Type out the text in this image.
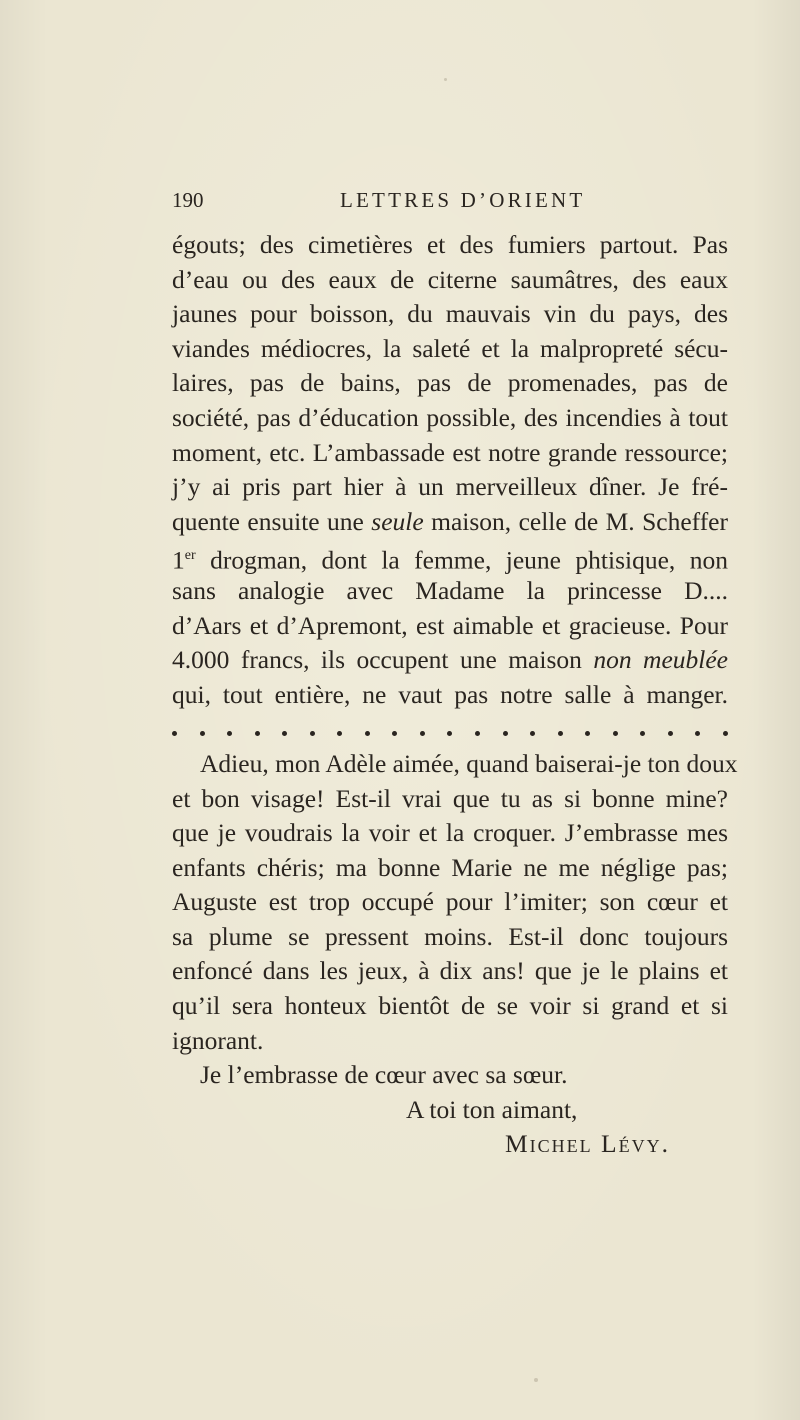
190	LETTRES D’ORIENT
égouts; des cimetières et des fumiers partout. Pas
d’eau ou des eaux de citerne saumâtres, des eaux
jaunes pour boisson, du mauvais vin du pays, des
viandes médiocres, la saleté et la malpropreté sécu-
laires, pas de bains, pas de promenades, pas de
société, pas d’éducation possible, des incendies à tout
moment, etc. L’ambassade est notre grande ressource;
j’y ai pris part hier à un merveilleux dîner. Je fré-
quente ensuite une seule maison, celle de M. Scheffer
1er drogman, dont la femme, jeune phtisique, non
sans analogie avec Madame la princesse D....
d’Aars et d’Apremont, est aimable et gracieuse. Pour
4.000 francs, ils occupent une maison non meublée
qui, tout entière, ne vaut pas notre salle à manger.
Adieu, mon Adèle aimée, quand baiserai-je ton doux
et bon visage! Est-il vrai que tu as si bonne mine?
que je voudrais la voir et la croquer. J’embrasse mes
enfants chéris; ma bonne Marie ne me néglige pas;
Auguste est trop occupé pour l’imiter; son cœur et
sa plume se pressent moins. Est-il donc toujours
enfoncé dans les jeux, à dix ans! que je le plains et
qu’il sera honteux bientôt de se voir si grand et si
ignorant.
Je l’embrasse de cœur avec sa sœur.
A toi ton aimant,
Michel Lévy.
